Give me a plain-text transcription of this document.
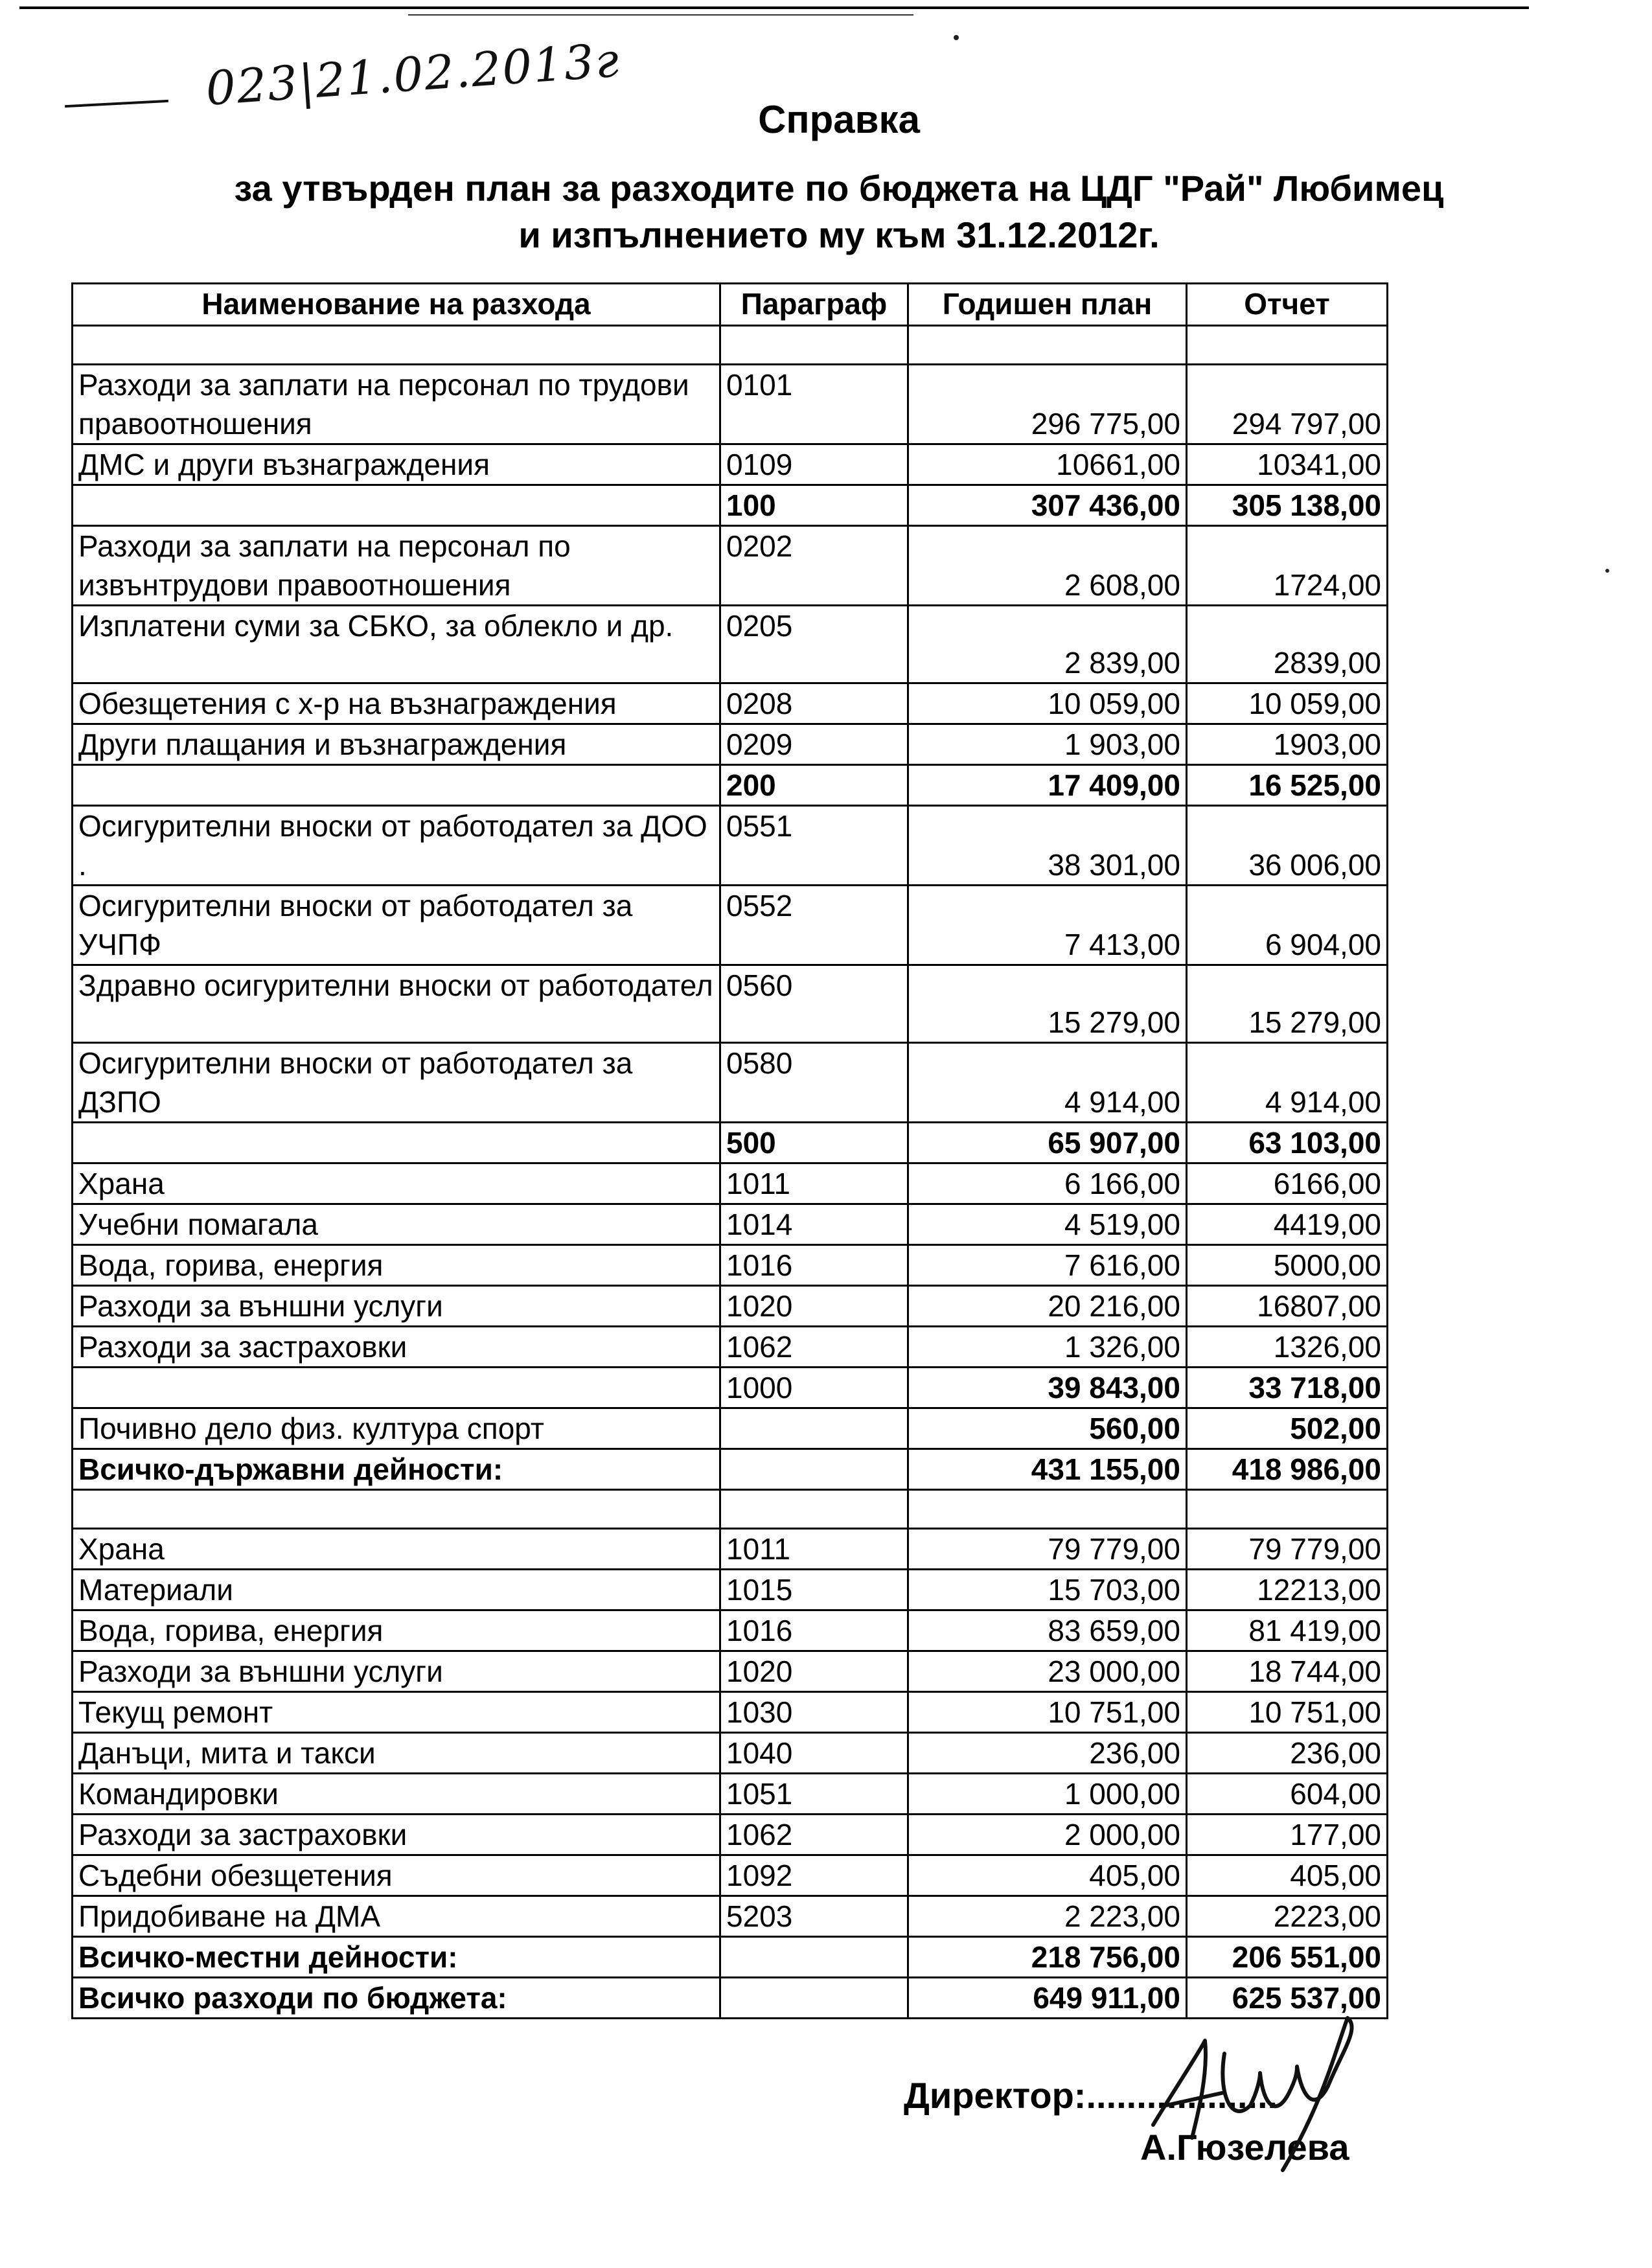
023|21.02.2013г
Справка
за утвърден план за разходите по бюджета на ЦДГ "Рай" Любимец
и изпълнението му към 31.12.2012г.
Наименование на разхода	Параграф	Годишен план	Отчет

Разходи за заплати на персонал по трудови правоотношения	0101	296 775,00	294 797,00
ДМС и други възнаграждения	0109	10661,00	10341,00
	100	307 436,00	305 138,00
Разходи за заплати на персонал по извънтрудови правоотношения	0202	2 608,00	1724,00
Изплатени суми за СБКО, за облекло и др.	0205	2 839,00	2839,00
Обезщетения с х-р на възнаграждения	0208	10 059,00	10 059,00
Други плащания и възнаграждения	0209	1 903,00	1903,00
	200	17 409,00	16 525,00
Осигурителни вноски от работодател за ДОО .	0551	38 301,00	36 006,00
Осигурителни вноски от работодател за УЧПФ	0552	7 413,00	6 904,00
Здравно осигурителни вноски от работодател	0560	15 279,00	15 279,00
Осигурителни вноски от работодател за ДЗПО	0580	4 914,00	4 914,00
	500	65 907,00	63 103,00
Храна	1011	6 166,00	6166,00
Учебни помагала	1014	4 519,00	4419,00
Вода, горива, енергия	1016	7 616,00	5000,00
Разходи за външни услуги	1020	20 216,00	16807,00
Разходи за застраховки	1062	1 326,00	1326,00
	1000	39 843,00	33 718,00
Почивно дело физ. култура спорт		560,00	502,00
Всичко-държавни дейности:		431 155,00	418 986,00

Храна	1011	79 779,00	79 779,00
Материали	1015	15 703,00	12213,00
Вода, горива, енергия	1016	83 659,00	81 419,00
Разходи за външни услуги	1020	23 000,00	18 744,00
Текущ ремонт	1030	10 751,00	10 751,00
Данъци, мита и такси	1040	236,00	236,00
Командировки	1051	1 000,00	604,00
Разходи за застраховки	1062	2 000,00	177,00
Съдебни обезщетения	1092	405,00	405,00
Придобиване на ДМА	5203	2 223,00	2223,00
Всичко-местни дейности:		218 756,00	206 551,00
Всичко разходи по бюджета:		649 911,00	625 537,00
Директор:...................
А.Гюзелева
